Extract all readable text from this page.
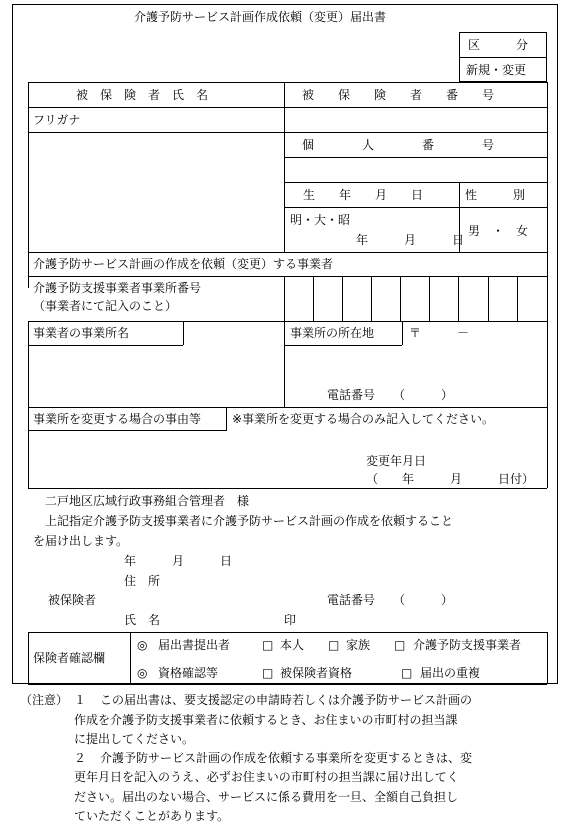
介護予防サービス計画作成依頼（変更）届出書
区　　　分
新規・変更
被　保　険　者　氏　名	被　　保　　険　　者　　番　　号
フリガナ
個　　　　人　　　　番　　　　号
生　　年　　月　　日	性　　　別
明・大・昭
年　　　月　　　日
男　・　女
介護予防サービス計画の作成を依頼（変更）する事業者
介護予防支援事業者事業所番号
（事業者にて記入のこと）
事業者の事業所名	事業所の所在地	〒　　　－
電話番号　　（　　　）
事業所を変更する場合の事由等	※事業所を変更する場合のみ記入してください。
変更年月日
（　　年　　　月　　　日付）
二戸地区広域行政事務組合管理者　様
上記指定介護予防支援事業者に介護予防サービス計画の作成を依頼すること
を届け出します。
年　　　月　　　日
住　所
被保険者	電話番号　　（　　　）
氏　名	印
保険者確認欄
◎ 届出書提出者	□ 本人 □ 家族 □ 介護予防支援事業者
◎ 資格確認等	□ 被保険者資格	□ 届出の重複
（注意） １ この届出書は、要支援認定の申請時若しくは介護予防サービス計画の
作成を介護予防支援事業者に依頼するとき、お住まいの市町村の担当課
に提出してください。
２ 介護予防サービス計画の作成を依頼する事業所を変更するときは、変
更年月日を記入のうえ、必ずお住まいの市町村の担当課に届け出してく
ださい。届出のない場合、サービスに係る費用を一旦、全額自己負担し
ていただくことがあります。
